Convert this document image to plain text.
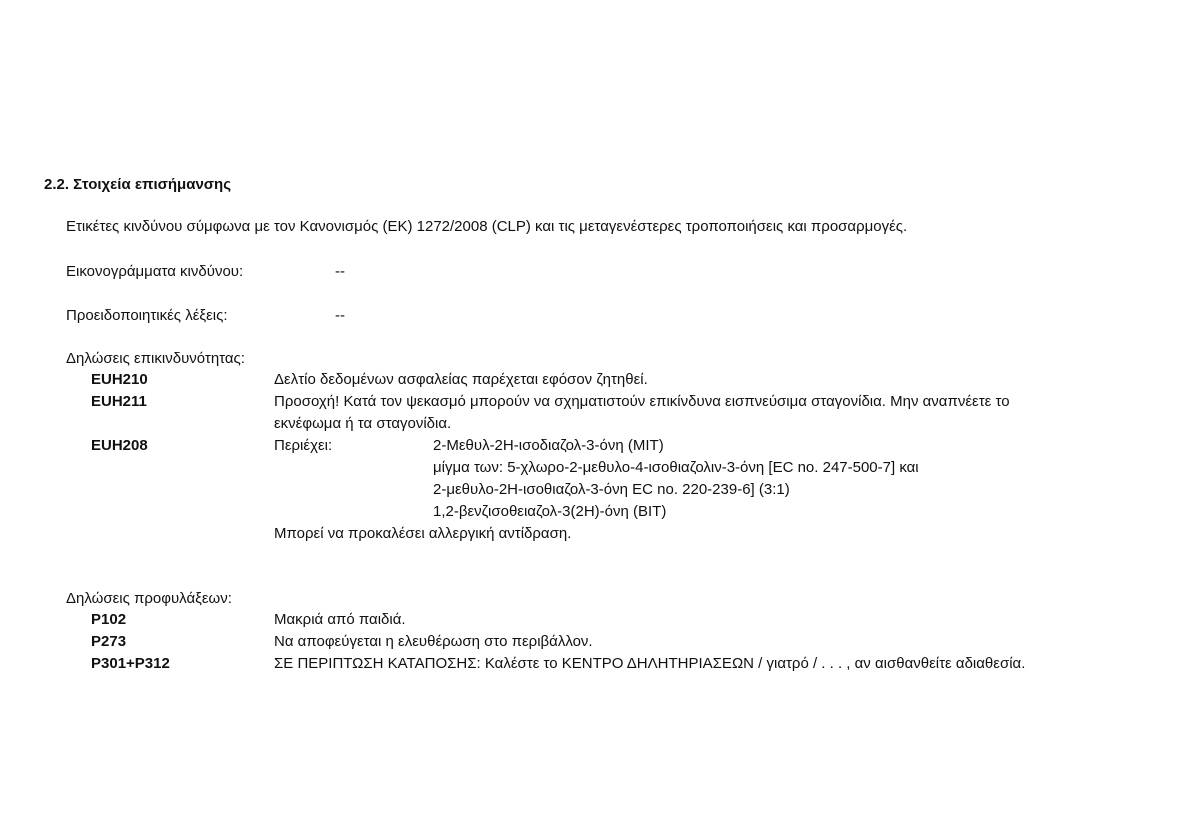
2.2. Στοιχεία επισήμανσης
Ετικέτες κινδύνου σύμφωνα με τον Κανονισμός (ΕΚ) 1272/2008 (CLP) και τις μεταγενέστερες τροποποιήσεις και προσαρμογές.
Εικονογράμματα κινδύνου:	--
Προειδοποιητικές λέξεις:	--
Δηλώσεις επικινδυνότητας:
EUH210	Δελτίο δεδομένων ασφαλείας παρέχεται εφόσον ζητηθεί.
EUH211	Προσοχή! Κατά τον ψεκασμό μπορούν να σχηματιστούν επικίνδυνα εισπνεύσιμα σταγονίδια. Μην αναπνέετε το
εκνέφωμα ή τα σταγονίδια.
EUH208	Περιέχει:	2-Μεθυλ-2Η-ισοδιαζολ-3-όνη (MIT)
μίγμα των: 5-χλωρο-2-μεθυλο-4-ισοθιαζολιν-3-όνη [EC no. 247-500-7] και
2-μεθυλο-2Η-ισοθιαζολ-3-όνη EC no. 220-239-6] (3:1)
1,2-βενζισοθειαζολ-3(2H)-όνη (BIT)
Μπορεί να προκαλέσει αλλεργική αντίδραση.
Δηλώσεις προφυλάξεων:
P102	Μακριά από παιδιά.
P273	Να αποφεύγεται η ελευθέρωση στο περιβάλλον.
P301+P312	ΣΕ ΠΕΡΙΠΤΩΣΗ ΚΑΤΑΠΟΣΗΣ: Καλέστε το ΚΕΝΤΡΟ ΔΗΛΗΤΗΡΙΑΣΕΩΝ / γιατρό / . . . , αν αισθανθείτε αδιαθεσία.
